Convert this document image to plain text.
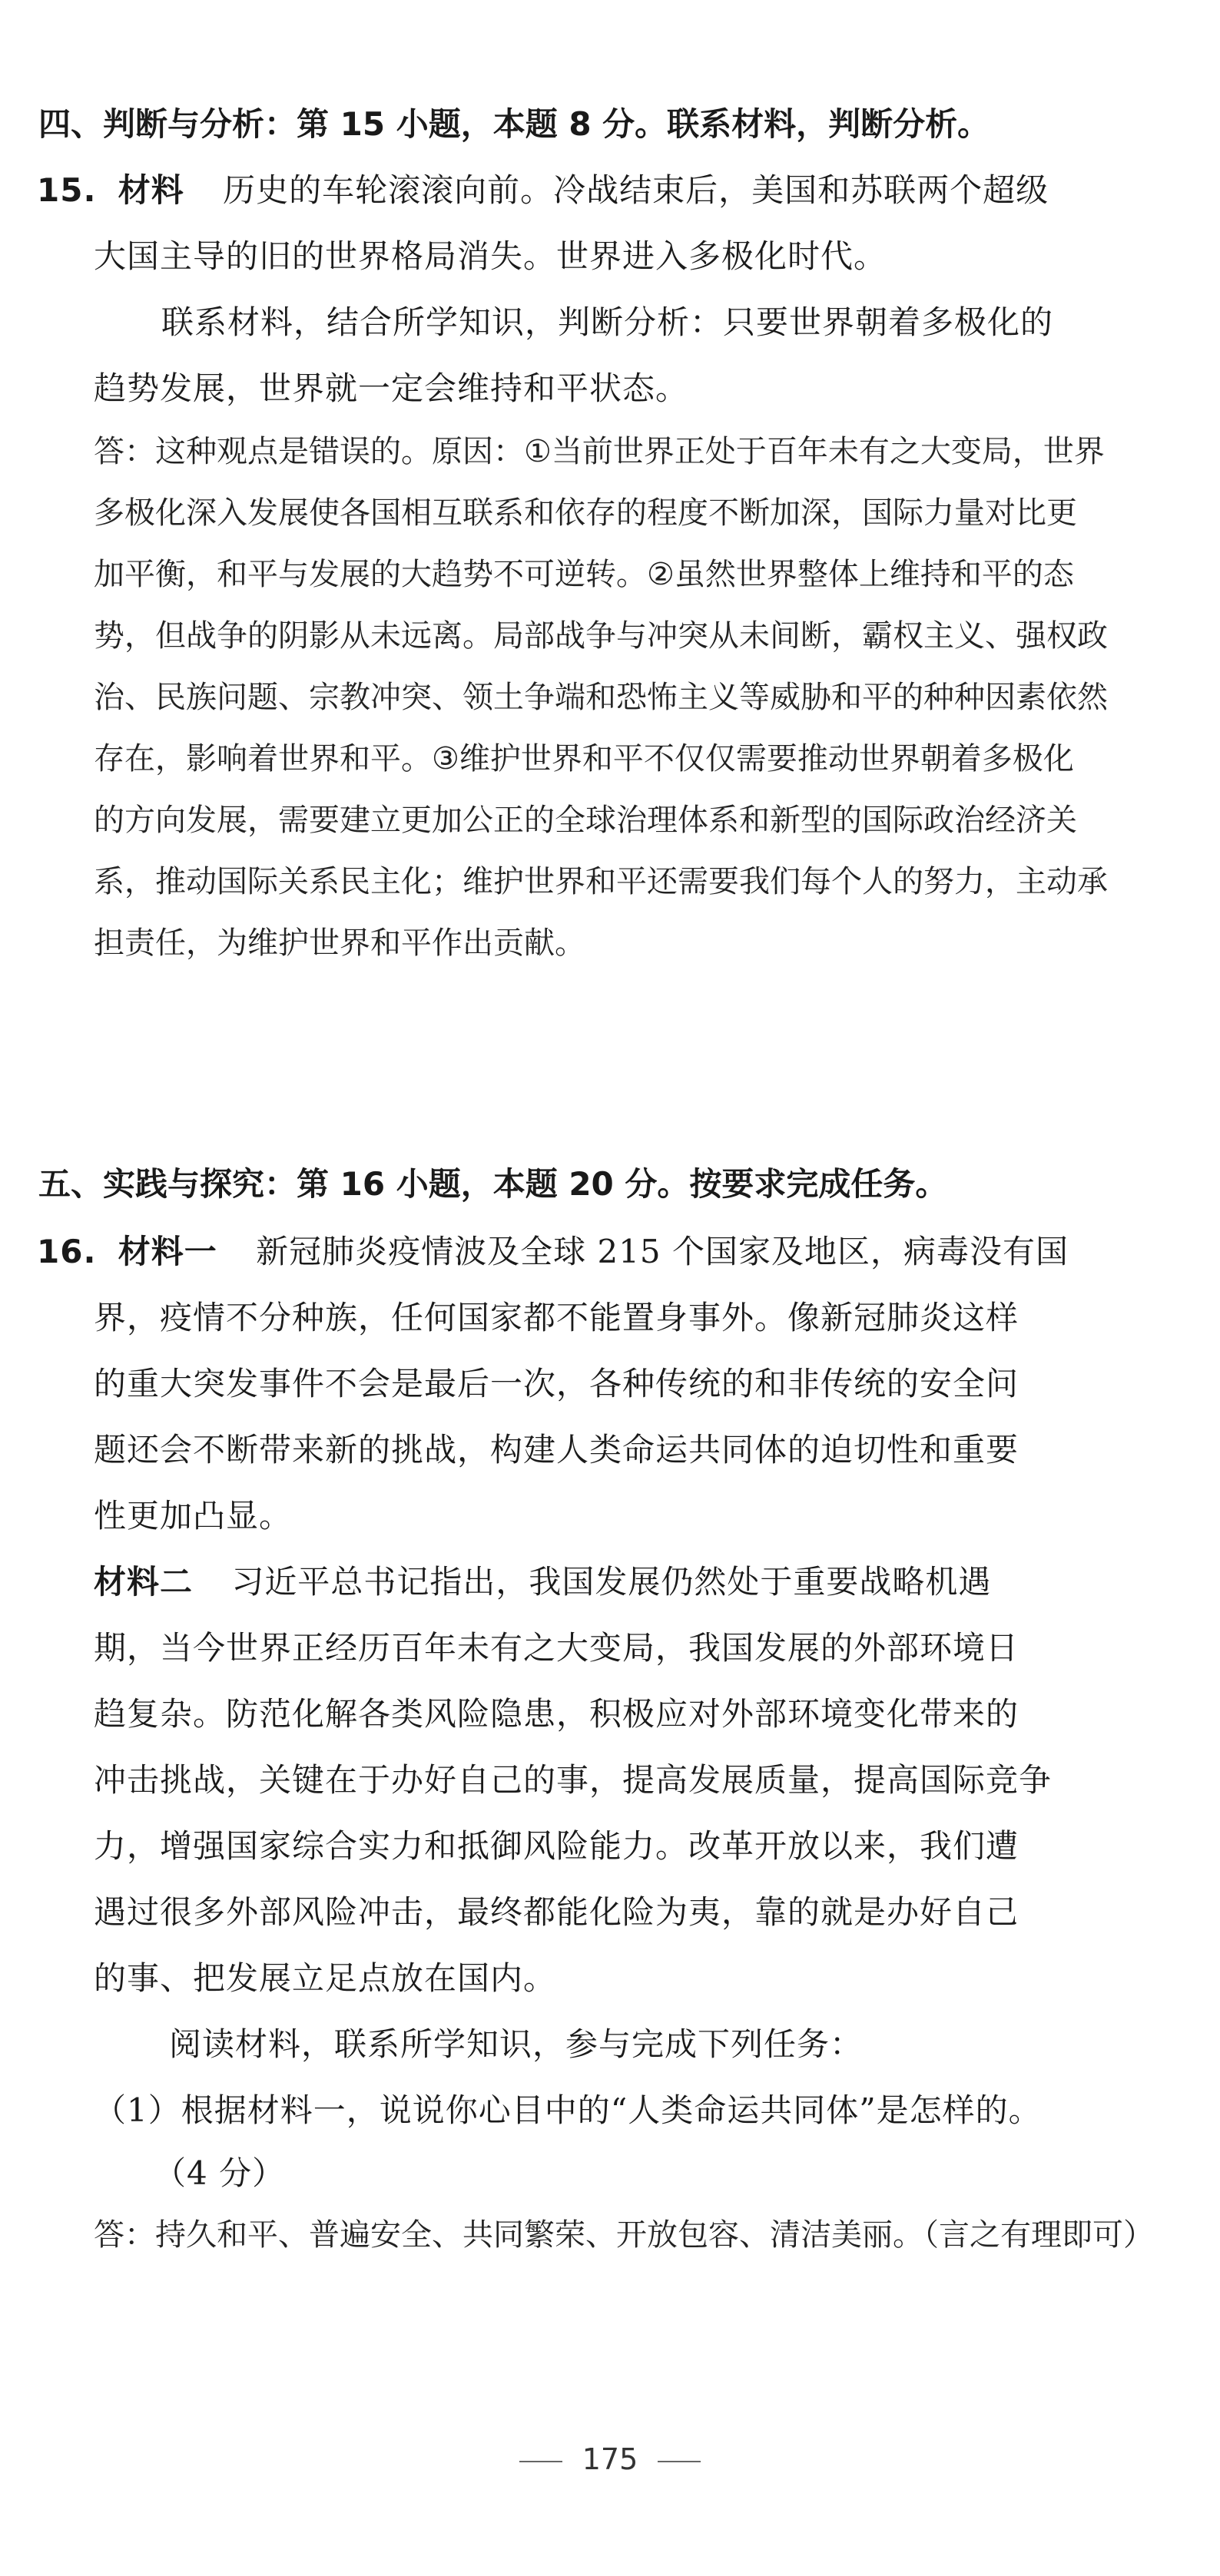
四、判断与分析：第 15 小题，本题 8 分。联系材料，判断分析。
15. 材料 历史的车轮滚滚向前。冷战结束后，美国和苏联两个超级
大国主导的旧的世界格局消失。世界进入多极化时代。
联系材料，结合所学知识，判断分析：只要世界朝着多极化的
趋势发展，世界就一定会维持和平状态。
答：这种观点是错误的。原因：①当前世界正处于百年未有之大变局，世界
多极化深入发展使各国相互联系和依存的程度不断加深，国际力量对比更
加平衡，和平与发展的大趋势不可逆转。②虽然世界整体上维持和平的态
势，但战争的阴影从未远离。局部战争与冲突从未间断，霸权主义、强权政
治、民族问题、宗教冲突、领土争端和恐怖主义等威胁和平的种种因素依然
存在，影响着世界和平。③维护世界和平不仅仅需要推动世界朝着多极化
的方向发展，需要建立更加公正的全球治理体系和新型的国际政治经济关
系，推动国际关系民主化；维护世界和平还需要我们每个人的努力，主动承
担责任，为维护世界和平作出贡献。
五、实践与探究：第 16 小题，本题 20 分。按要求完成任务。
16. 材料一 新冠肺炎疫情波及全球 215 个国家及地区，病毒没有国
界，疫情不分种族，任何国家都不能置身事外。像新冠肺炎这样
的重大突发事件不会是最后一次，各种传统的和非传统的安全问
题还会不断带来新的挑战，构建人类命运共同体的迫切性和重要
性更加凸显。
材料二 习近平总书记指出，我国发展仍然处于重要战略机遇
期，当今世界正经历百年未有之大变局，我国发展的外部环境日
趋复杂。防范化解各类风险隐患，积极应对外部环境变化带来的
冲击挑战，关键在于办好自己的事，提高发展质量，提高国际竞争
力，增强国家综合实力和抵御风险能力。改革开放以来，我们遭
遇过很多外部风险冲击，最终都能化险为夷，靠的就是办好自己
的事、把发展立足点放在国内。
阅读材料，联系所学知识，参与完成下列任务：
（1）根据材料一，说说你心目中的“人类命运共同体”是怎样的。
（4 分）
答：持久和平、普遍安全、共同繁荣、开放包容、清洁美丽。（言之有理即可）
175
